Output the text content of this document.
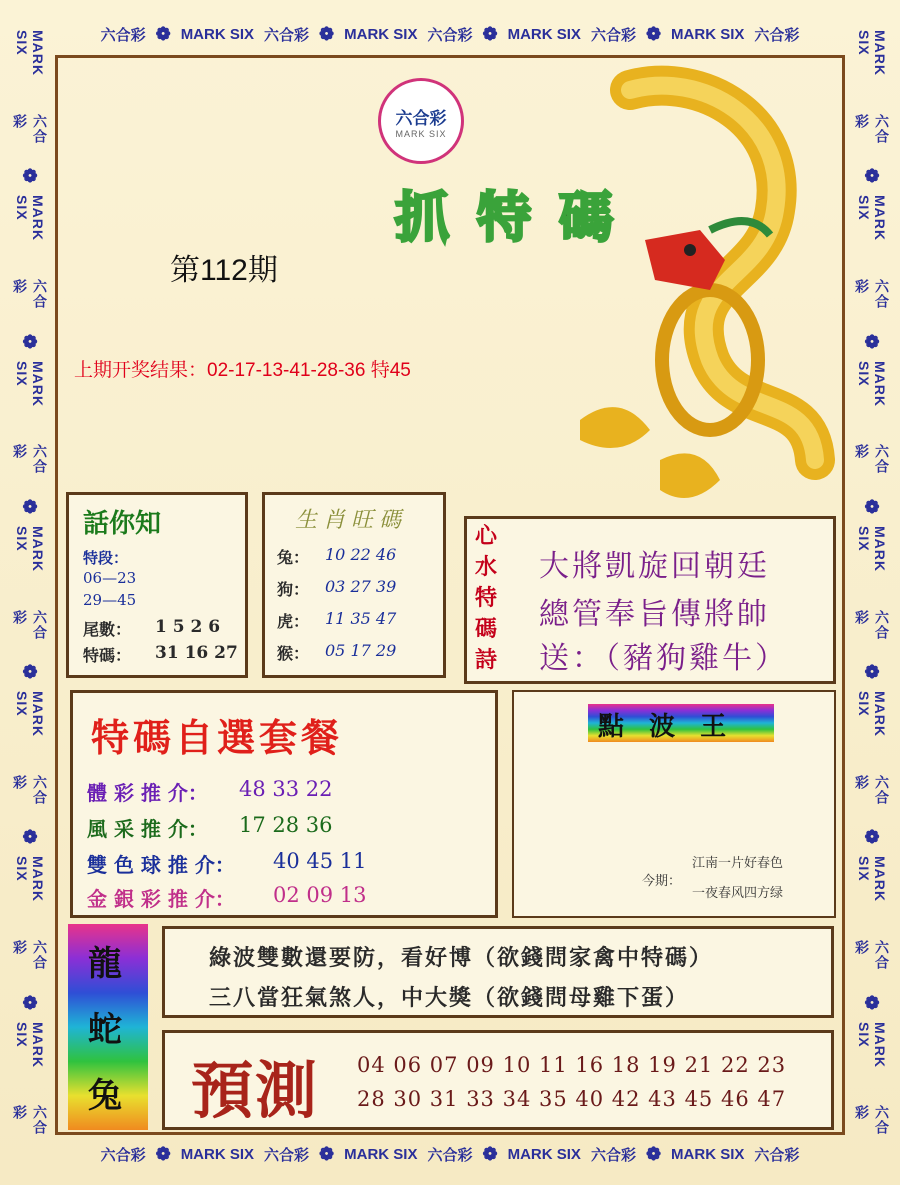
六合彩 ❁ MARK SIX 六合彩 ❁ MARK SIX 六合彩 ❁ MARK SIX 六合彩 ❁ MARK SIX 六合彩
六合彩 ❁ MARK SIX 六合彩 ❁ MARK SIX 六合彩 ❁ MARK SIX 六合彩 ❁ MARK SIX 六合彩
MARK SIX
六合彩
❁
MARK SIX
六合彩
❁
MARK SIX
六合彩
❁
MARK SIX
六合彩
❁
MARK SIX
六合彩
❁
MARK SIX
六合彩
❁
MARK SIX
六合彩
MARK SIX
六合彩
❁
MARK SIX
六合彩
❁
MARK SIX
六合彩
❁
MARK SIX
六合彩
❁
MARK SIX
六合彩
❁
MARK SIX
六合彩
❁
MARK SIX
六合彩
六合彩
MARK SIX
抓特碼
第112期
上期开奖结果：02-17-13-41-28-36 特45
話你知
特段：
06—23
29—45
尾數： 1 5 2 6
特碼： 31 16 27
生肖旺碼
兔： 10 22 46
狗： 03 27 39
虎： 11 35 47
猴： 05 17 29
心 水 特 碼 詩
大將凱旋回朝廷
總管奉旨傳將帥
送：（豬狗雞牛）
特碼自選套餐
體 彩 推 介： 48 33 22
風 采 推 介： 17 28 36
雙 色 球 推 介： 40 45 11
金 銀 彩 推 介： 02 09 13
點 波 王
今期：
江南一片好春色
一夜春风四方绿
龍
蛇
兔
綠波雙數還要防，看好博（欲錢問家禽中特碼）
三八當狂氣煞人，中大獎（欲錢問母雞下蛋）
預測 04 06 07 09 10 11 16 18 19 21 22 23
28 30 31 33 34 35 40 42 43 45 46 47
